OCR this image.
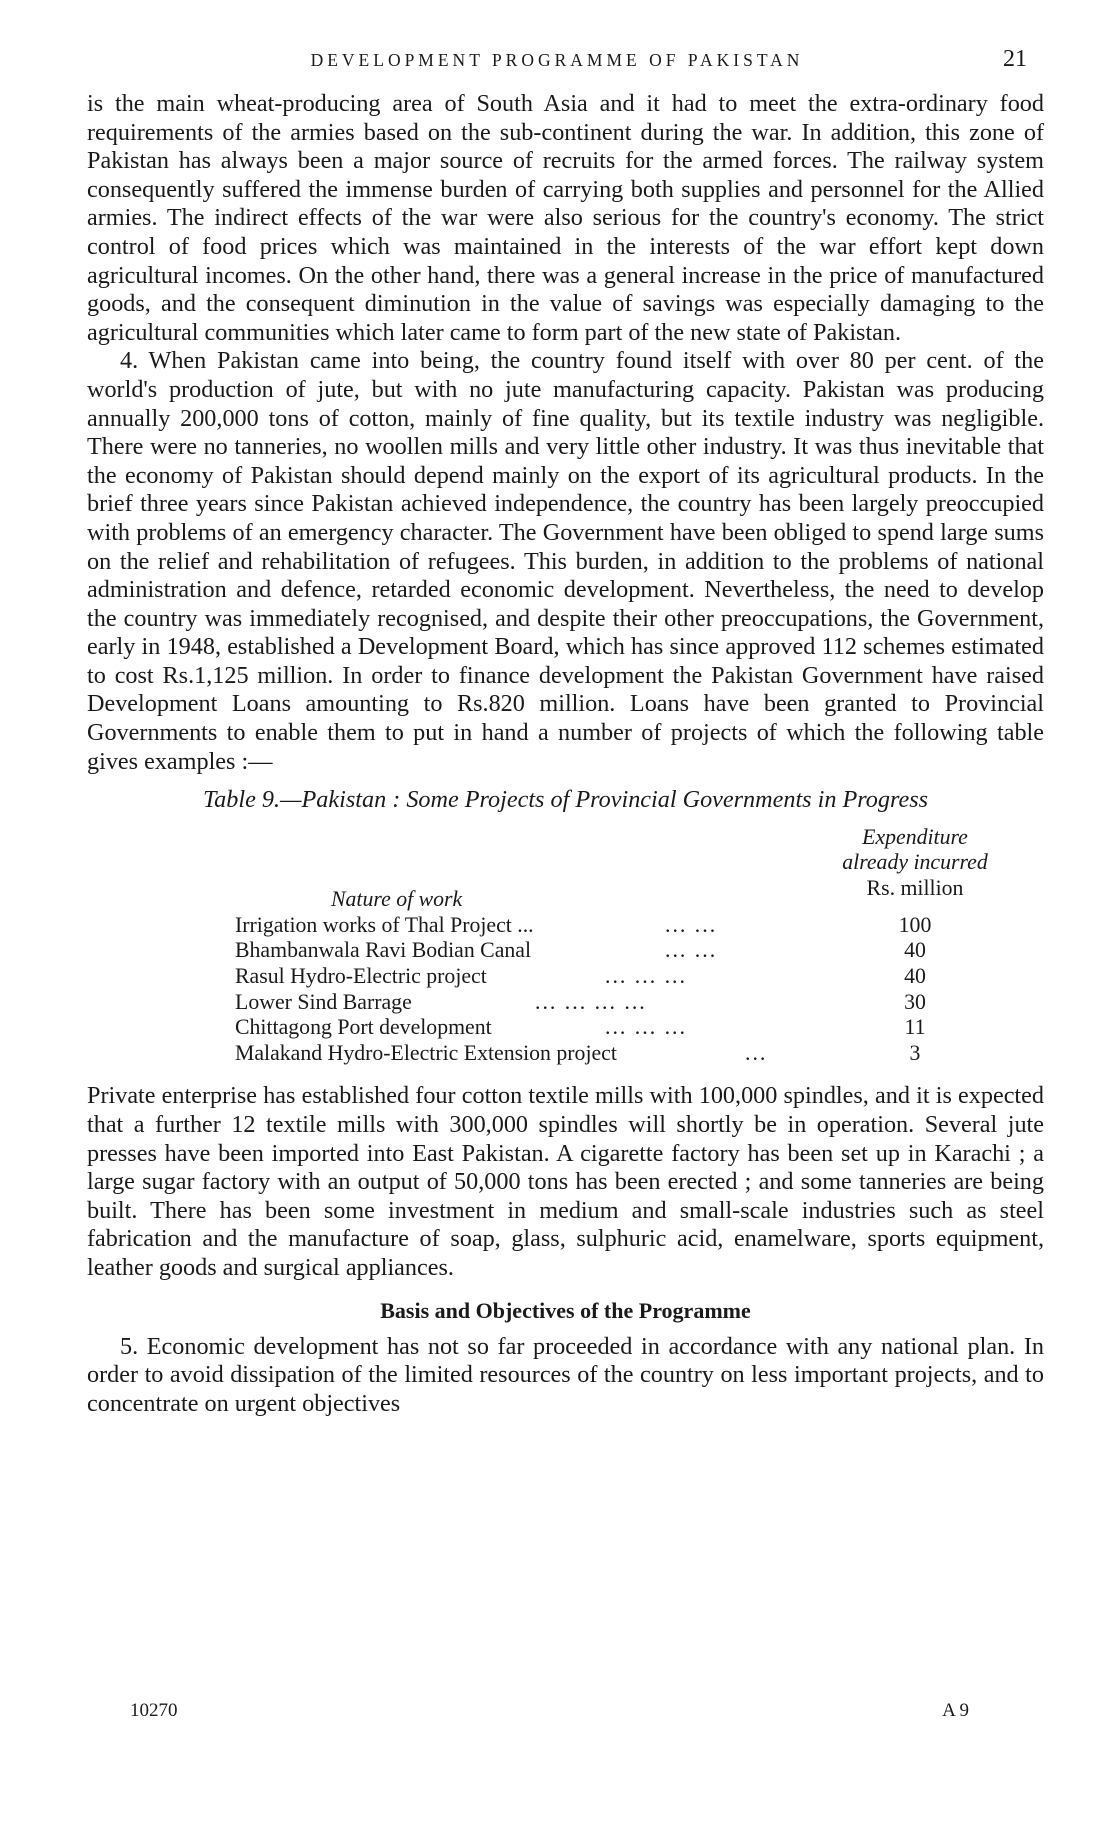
DEVELOPMENT PROGRAMME OF PAKISTAN	21

is the main wheat-producing area of South Asia and it had to meet the extra-ordinary food requirements of the armies based on the sub-continent during the war. In addition, this zone of Pakistan has always been a major source of recruits for the armed forces. The railway system consequently suffered the immense burden of carrying both supplies and personnel for the Allied armies. The indirect effects of the war were also serious for the country's economy. The strict control of food prices which was maintained in the interests of the war effort kept down agricultural incomes. On the other hand, there was a general increase in the price of manufactured goods, and the consequent diminution in the value of savings was especially damaging to the agricultural communities which later came to form part of the new state of Pakistan.

4. When Pakistan came into being, the country found itself with over 80 per cent. of the world's production of jute, but with no jute manufacturing capacity. Pakistan was producing annually 200,000 tons of cotton, mainly of fine quality, but its textile industry was negligible. There were no tanneries, no woollen mills and very little other industry. It was thus inevitable that the economy of Pakistan should depend mainly on the export of its agricultural products. In the brief three years since Pakistan achieved independence, the country has been largely preoccupied with problems of an emergency character. The Government have been obliged to spend large sums on the relief and rehabilitation of refugees. This burden, in addition to the problems of national administration and defence, retarded economic development. Nevertheless, the need to develop the country was immediately recognised, and despite their other preoccupations, the Government, early in 1948, established a Development Board, which has since approved 112 schemes estimated to cost Rs.1,125 million. In order to finance development the Pakistan Government have raised Development Loans amounting to Rs.820 million. Loans have been granted to Provincial Governments to enable them to put in hand a number of projects of which the following table gives examples :—

Table 9.—Pakistan : Some Projects of Provincial Governments in Progress
Nature of work
Expenditure
already incurred
Rs. million
Irrigation works of Thal Project ...	... ...	100
Bhambanwala Ravi Bodian Canal	... ...	40
Rasul Hydro-Electric project	... ... ...	40
Lower Sind Barrage	... ... ... ...	30
Chittagong Port development	... ... ...	11
Malakand Hydro-Electric Extension project	...	3

Private enterprise has established four cotton textile mills with 100,000 spindles, and it is expected that a further 12 textile mills with 300,000 spindles will shortly be in operation. Several jute presses have been imported into East Pakistan. A cigarette factory has been set up in Karachi ; a large sugar factory with an output of 50,000 tons has been erected ; and some tanneries are being built. There has been some investment in medium and small-scale industries such as steel fabrication and the manufacture of soap, glass, sulphuric acid, enamelware, sports equipment, leather goods and surgical appliances.

Basis and Objectives of the Programme

5. Economic development has not so far proceeded in accordance with any national plan. In order to avoid dissipation of the limited resources of the country on less important projects, and to concentrate on urgent objectives

10270	A 9
